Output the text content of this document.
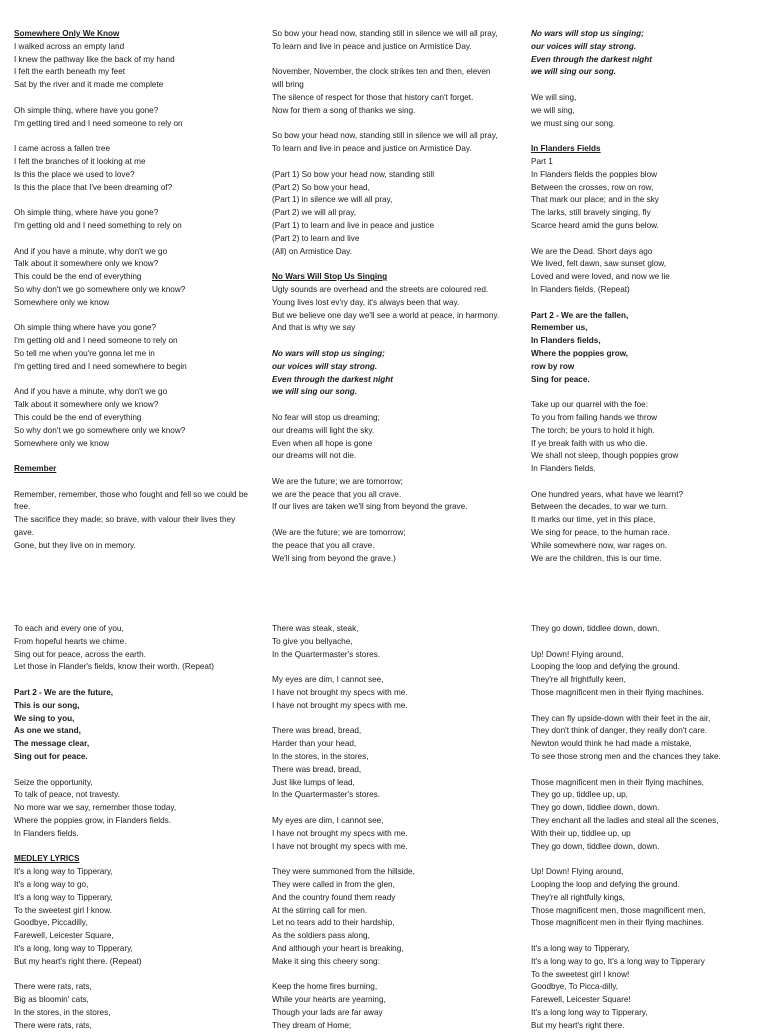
Somewhere Only We Know
I walked across an empty land
I knew the pathway like the back of my hand
I felt the earth beneath my feet
Sat by the river and it made me complete
Oh simple thing, where have you gone?
I'm getting tired and I need someone to rely on
I came across a fallen tree
I felt the branches of it looking at me
Is this the place we used to love?
Is this the place that I've been dreaming of?
Oh simple thing, where have you gone?
I'm getting old and I need something to rely on
And if you have a minute, why don't we go
Talk about it somewhere only we know?
This could be the end of everything
So why don't we go somewhere only we know?
Somewhere only we know
Oh simple thing where have you gone?
I'm getting old and I need someone to rely on
So tell me when you're gonna let me in
I'm getting tired and I need somewhere to begin
And if you have a minute, why don't we go
Talk about it somewhere only we know?
This could be the end of everything
So why don't we go somewhere only we know?
Somewhere only we know
Remember
Remember, remember, those who fought and fell so we could be free.
The sacrifice they made; so brave, with valour their lives they gave.
Gone, but they live on in memory.
So bow your head now, standing still in silence we will all pray,
To learn and live in peace and justice on Armistice Day.
November, November, the clock strikes ten and then, eleven will bring
The silence of respect for those that history can't forget.
Now for them a song of thanks we sing.
So bow your head now, standing still in silence we will all pray,
To learn and live in peace and justice on Armistice Day.
(Part 1) So bow your head now, standing still
(Part 2) So bow your head,
(Part 1) in silence we will all pray,
(Part 2) we will all pray,
(Part 1) to learn and live in peace and justice
(Part 2) to learn and live
(All) on Armistice Day.
No Wars Will Stop Us Singing
Ugly sounds are overhead and the streets are coloured red.
Young lives lost ev'ry day, it's always been that way.
But we believe one day we'll see a world at peace, in harmony.
And that is why we say
No wars will stop us singing;
our voices will stay strong.
Even through the darkest night
we will sing our song.
No fear will stop us dreaming;
our dreams will light the sky.
Even when all hope is gone
our dreams will not die.
We are the future; we are tomorrow;
we are the peace that you all crave.
If our lives are taken we'll sing from beyond the grave.
(We are the future; we are tomorrow;
the peace that you all crave.
We'll sing from beyond the grave.)
No wars will stop us singing;
our voices will stay strong.
Even through the darkest night
we will sing our song.
We will sing,
we will sing,
we must sing our song.
In Flanders Fields
Part 1
In Flanders fields the poppies blow
Between the crosses, row on row,
That mark our place; and in the sky
The larks, still bravely singing, fly
Scarce heard amid the guns below.
We are the Dead. Short days ago
We lived, felt dawn, saw sunset glow,
Loved and were loved, and now we lie
In Flanders fields. (Repeat)
Part 2 - We are the fallen,
Remember us,
In Flanders fields,
Where the poppies grow,
row by row
Sing for peace.
Take up our quarrel with the foe:
To you from failing hands we throw
The torch; be yours to hold it high.
If ye break faith with us who die.
We shall not sleep, though poppies grow
In Flanders fields.
One hundred years, what have we learnt?
Between the decades, to war we turn.
It marks our time, yet in this place,
We sing for peace, to the human race.
While somewhere now, war rages on.
We are the children, this is our time.
To each and every one of you,
From hopeful hearts we chime.
Sing out for peace, across the earth.
Let those in Flander's fields, know their worth. (Repeat)
Part 2 - We are the future,
This is our song,
We sing to you,
As one we stand,
The message clear,
Sing out for peace.
Seize the opportunity,
To talk of peace, not travesty.
No more war we say, remember those today,
Where the poppies grow, in Flanders fields.
In Flanders fields.
MEDLEY LYRICS
It's a long way to Tipperary,
It's a long way to go,
It's a long way to Tipperary,
To the sweetest girl I know.
Goodbye, Piccadilly,
Farewell, Leicester Square,
It's a long, long way to Tipperary,
But my heart's right there. (Repeat)
There were rats, rats,
Big as bloomin' cats,
In the stores, in the stores,
There were rats, rats,
There was steak, steak,
To give you bellyache,
In the Quartermaster's stores.
My eyes are dim, I cannot see,
I have not brought my specs with me.
I have not brought my specs with me.
There was bread, bread,
Harder than your head,
In the stores, in the stores,
There was bread, bread,
Just like lumps of lead,
In the Quartermaster's stores.
My eyes are dim, I cannot see,
I have not brought my specs with me.
I have not brought my specs with me.
They were summoned from the hillside,
They were called in from the glen,
And the country found them ready
At the stirring call for men.
Let no tears add to their hardship,
As the soldiers pass along,
And although your heart is breaking,
Make it sing this cheery song:
Keep the home fires burning,
While your hearts are yearning,
Though your lads are far away
They dream of Home;
They go down, tiddlee down, down.
Up! Down! Flying around,
Looping the loop and defying the ground.
They're all frightfully keen,
Those magnificent men in their flying machines.
They can fly upside-down with their feet in the air,
They don't think of danger, they really don't care.
Newton would think he had made a mistake,
To see those strong men and the chances they take.
Those magnificent men in their flying machines,
They go up, tiddlee up, up,
They go down, tiddlee down, down.
They enchant all the ladies and steal all the scenes,
With their up, tiddlee up, up
They go down, tiddlee down, down.
Up! Down! Flying around,
Looping the loop and defying the ground.
They're all rightfully kings,
Those magnificent men, those magnificent men,
Those magnificent men in their flying machines.
It's a long way to Tipperary,
It's a long way to go, It's a long way to Tipperary
To the sweetest girl I know!
Goodbye, To Picca-dilly,
Farewell, Leicester Square!
It's a long long way to Tipperary,
But my heart's right there.
